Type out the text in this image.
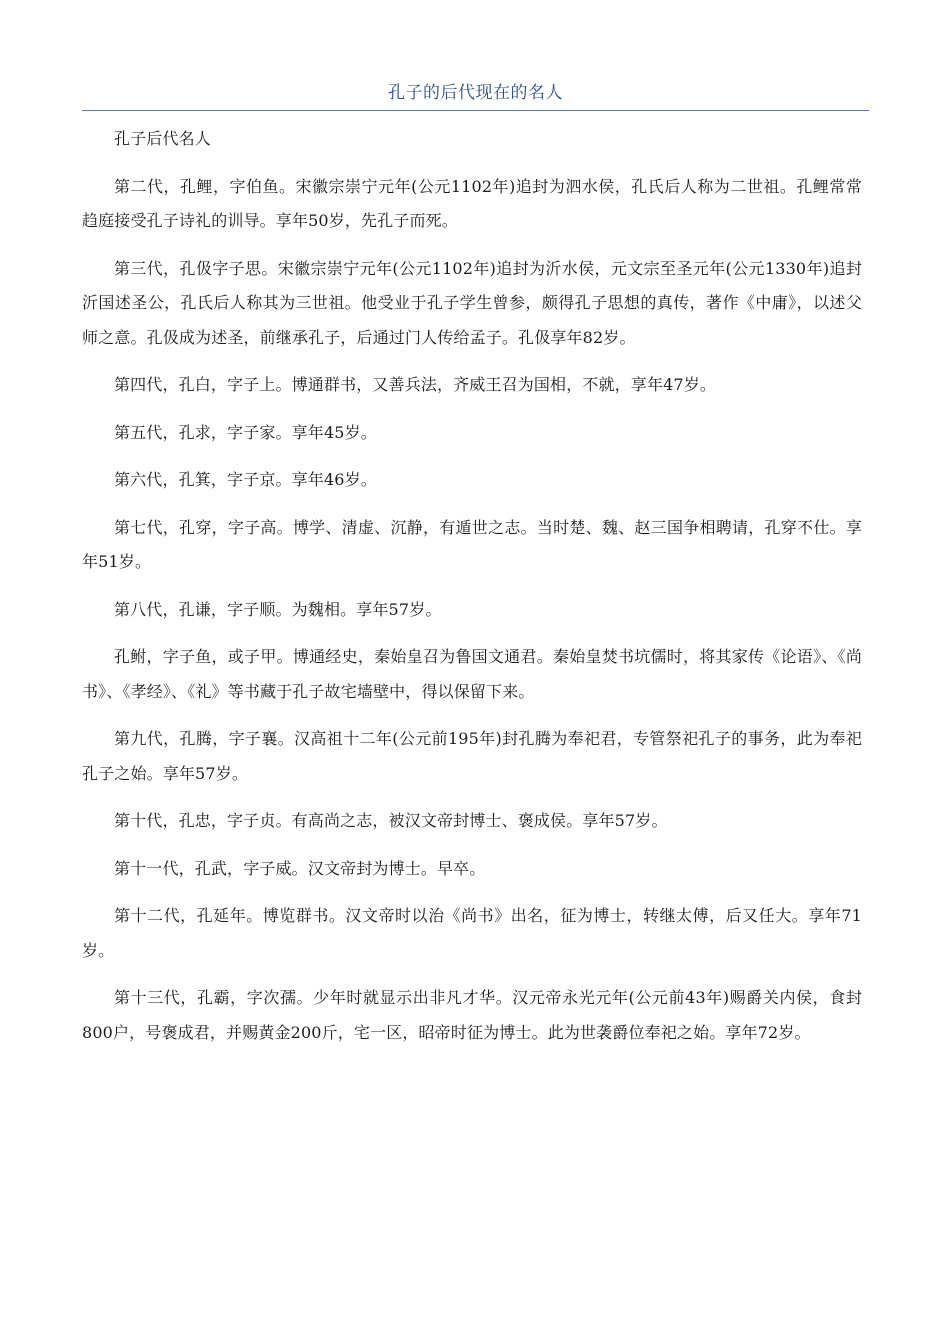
孔子的后代现在的名人

孔子后代名人

第二代，孔鲤，字伯鱼。宋徽宗崇宁元年(公元1102年)追封为泗水侯，孔氏后人称为二世祖。孔鲤常常趋庭接受孔子诗礼的训导。享年50岁，先孔子而死。

第三代，孔伋字子思。宋徽宗崇宁元年(公元1102年)追封为沂水侯，元文宗至圣元年(公元1330年)追封沂国述圣公，孔氏后人称其为三世祖。他受业于孔子学生曾参，颇得孔子思想的真传，著作《中庸》，以述父师之意。孔伋成为述圣，前继承孔子，后通过门人传给孟子。孔伋享年82岁。

第四代，孔白，字子上。博通群书，又善兵法，齐威王召为国相，不就，享年47岁。

第五代，孔求，字子家。享年45岁。

第六代，孔箕，字子京。享年46岁。

第七代，孔穿，字子高。博学、清虚、沉静，有遁世之志。当时楚、魏、赵三国争相聘请，孔穿不仕。享年51岁。

第八代，孔谦，字子顺。为魏相。享年57岁。

孔鲋，字子鱼，或子甲。博通经史，秦始皇召为鲁国文通君。秦始皇焚书坑儒时，将其家传《论语》、《尚书》、《孝经》、《礼》等书藏于孔子故宅墙壁中，得以保留下来。

第九代，孔腾，字子襄。汉高祖十二年(公元前195年)封孔腾为奉祀君，专管祭祀孔子的事务，此为奉祀孔子之始。享年57岁。

第十代，孔忠，字子贞。有高尚之志，被汉文帝封博士、褒成侯。享年57岁。

第十一代，孔武，字子威。汉文帝封为博士。早卒。

第十二代，孔延年。博览群书。汉文帝时以治《尚书》出名，征为博士，转继太傅，后又任大。享年71岁。

第十三代，孔霸，字次孺。少年时就显示出非凡才华。汉元帝永光元年(公元前43年)赐爵关内侯，食封800户，号褒成君，并赐黄金200斤，宅一区，昭帝时征为博士。此为世袭爵位奉祀之始。享年72岁。
